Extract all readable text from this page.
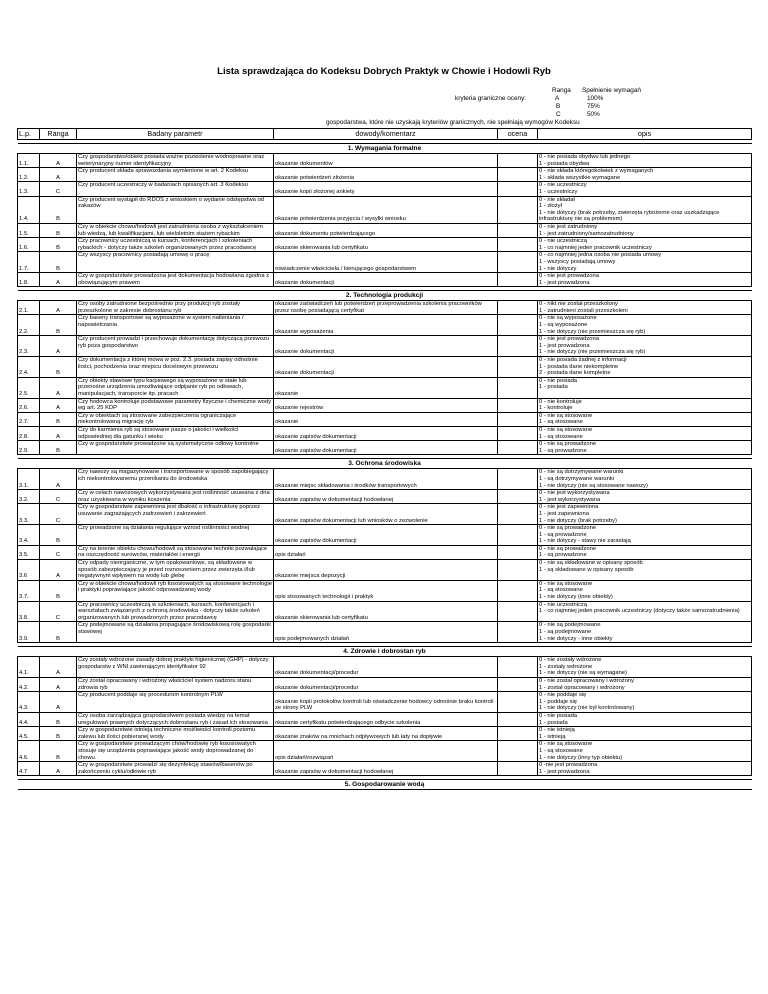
Lista sprawdzająca do Kodeksu Dobrych Praktyk w Chowie i Hodowli Ryb
Ranga Spełnienie wymagań
kryteria graniczne oceny:	A	100%
B	75%
C	50%
gospodarstwa, które nie uzyskają kryteriów granicznych, nie spełniają wymogów Kodeksu
L.p.	Ranga	Badany parametr	dowody/komentarz	ocena	opis

1. Wymagania formalne					
1.1.	A	Czy gospodarstwo/obiekt posiada ważne pozwolenie wodnoprawne oraz weterynaryjny numer identyfikacyjny	okazanie dokumentów		0 - nie posiada obydwu lub jednego
1 - posiada obydwa
1.2.	A	Czy producent składa sprawozdania wymienione w art. 2 Kodeksu	okazanie potwierdzeń złożenia		0 - nie składa któregokolwiek z wymaganych
1 - składa wszystkie wymagane
1.3.	C	Czy producent uczestniczy w badaniach opisanych art. 3 Kodeksu	okazanie kopii złożonej ankiety		0 - nie uczestniczy
1 - uczestniczy
1.4.	B	Czy producent wystąpił do RDOŚ z wnioskiem o wydanie odstępstwa od zakazów	okazanie potwierdzenia przyjęcia / wysyłki wniosku		0 - nie składał
1 - złożył
1 - nie dotyczy (brak potrzeby, zwierzęta rybożerne oraz uszkadzające infrastrukturę nie są problemem)
1.5.	B	Czy w obiekcie chowu/hodowli jest zatrudniona osoba z wykształceniem lub wiedzą, lub kwalifikacjami, lub wieloletnim stażem rybackim	okazanie dokumentu potwierdzającego		0 - nie jest zatrudniony
1 - jest zatrudniony/samozatrudniony
1.6.	B	Czy pracownicy uczestniczą w kursach, konferencjach i szkoleniach rybackich - dotyczy także szkoleń organizowanych przez pracodawcę	okazanie skierowania lub certyfikatu		0 - nie uczestniczą
1 - co najmniej jeden pracownik uczestniczy
1.7.	B	Czy wszyscy pracownicy posiadają umowę o pracę	oświadczenie właściciela / kierującego gospodarstwem		0 - co najmniej jedna osoba nie posiada umowy
1 - wszyscy posiadają umowy
1 - nie dotyczy
1.8.	A	Czy w gospodarstwie prowadzona jest dokumentacja hodowlana zgodna z obowiązującym prawem	okazanie dokumentacji		0 - nie jest prowadzona
1 - jest prowadzona

2. Technologia produkcji					
2.1.	A	Czy osoby zatrudnione bezpośrednio przy produkcji ryb zostały przeszkolone w zakresie dobrostanu ryb	okazanie zaświadczeń lub potwierdzeń przeprowadzenia szkolenia pracowników przez osobę posiadającą certyfikat		0 - nikt nie został przeszkolony
1 - zatrudnieni zostali przeszkoleni
2.2.	B	Czy baseny transportowe są wyposażone w system natleniania / napowietrzania	okazanie wyposażenia		0 - nie są wyposażone
1 - są wyposażone
1 - nie dotyczy (nie przemieszcza się ryb)
2.3.	A	Czy producent prowadzi i przechowuje dokumentację dotyczącą przewozu ryb poza gospodarstwo	okazanie dokumentacji		0 - nie jest prowadzona
1 - jest prowadzona
1 - nie dotyczy (nie przemieszcza się ryb)
2.4.	B	Czy dokumentacja z której mowa w poz. 2.3. posiada zapisy odnośnie ilości, pochodzenia oraz miejscu docelowym przewozu	okazanie dokumentacji		0 - nie posiada żadnej z informacji
1 - posiada dane niekompletne
2 - posiada dane kompletne
2.5.	A	Czy obiekty stawowe typu karpiowego są wyposażone w stałe lub przenośne urządzenia umożliwiające odpijanie ryb po odłowach, manipulacjach, transporcie itp. pracach	okazanie		0 - nie posiada
1 - posiada
2.6.	A	Czy hodowca kontroluje podstawowe parametry fizyczne i chemiczne wody wg art. 25 KDP	okazanie rejestrów		0 - nie kontroluje
1 - kontroluje
2.7.	B	Czy w obiektach są stosowane zabezpieczenia ograniczające niekontrolowaną migrację ryb	okazanie		0 - nie są stosowane
1 - są stosowane
2.8.	A	Czy do karmienia ryb są stosowane pasze o jakości i wielkości odpowiedniej dla gatunku i wieku	okazanie zapisów dokumentacji		0 - nie są stosowane
1 - są stosowane
2.9.	B	Czy w gospodarstwie prowadzone są systematyczne odłowy kontrolne	okazanie zapisów dokumentacji		0 - nie są prowadzone
1 - są prowadzone

3. Ochrona środowiska					
3.1.	A	Czy nawozy są magazynowane i transportowane w sposób zapobiegający ich niekontrolowanemu przenikaniu do środowiska	okazanie miejsc składowania i środków transportowych		0 - nie są dotrzymywane warunki
1 - są dotrzymywane warunki
1 - nie dotyczy (nie są stosowane nawozy)
3.2.	C	Czy w celach nawozowych wykorzystywana jest roślinność usuwana z dna oraz uzyskiwana w wyniku koszenia	okazanie zapisów w dokumentacji hodowlanej		0 - nie jest wykorzystywana
1 - jest wykorzystywana
3.3.	C	Czy w gospodarstwie zapewniona jest dbałość o infrastrukturę poprzez usuwanie zagrażających zadrzewień i zakrzewień	okazanie zapisów dokumentacji lub wniosków o zezwolenie		0 - nie jest zapewniona
1 - jest zapewniona
1 - nie dotyczy (brak potrzeby)
3.4.	B	Czy prowadzone są działania regulujące wzrost roślinności wodnej	okazanie zapisów dokumentacji		0 - nie są prowadzone
1 - są prowadzone
1 - nie dotyczy - stawy nie zarastają
3.5.	C	Czy na terenie obiektu chowu/hodowli są stosowane techniki pozwalające na oszczędność surowców, materiałów i energii	opis działań		0 - nie są prowadzone
1 - są prowadzone
3.6	A	Czy odpady nieorganiczne, w tym opakowaniowe, są składowane w sposób zabezpieczający je przed roznoszeniem przez zwierzęta i/lub negatywnym wpływem na wodę lub glebę	okazanie miejsca depozycji		0 - nie są składowane w opisany sposób
1 - są składowane w opisany sposób
3.7.	B	Czy w obiekcie chowu/hodowli ryb łososiowatych są stosowane technologie i praktyki poprawiające jakość odprowadzanej wody	opis stosowanych technologii i praktyk		0 - nie są stosowane
1 - są stosowane
1 - nie dotyczy (inne obiekty)
3.8.	C	Czy pracownicy uczestniczą w szkoleniach, kursach, konferencjach i warsztatach związanych z ochroną środowiska - dotyczy także szkoleń organizowanych lub prowadzonych przez pracodawcę	okazanie skierowania lub certyfikatu		0 - nie uczestniczą
1 - co najmniej jeden pracownik uczestniczy (dotyczy także samozatrudnienia)
3.9.	B	Czy podejmowane są działania propagujące środowiskową rolę gospodarki stawowej	opis podejmowanych działań		0 - nie są podejmowane
1 - są podejmowane
1 - nie dotyczy - inne obiekty

4. Zdrowie i dobrostan ryb					
4.1.	A	Czy zostały wdrożone zasady dobrej praktyki higienicznej (GHP) - dotyczy gospodarstw z WNI zawierającym identyfikator 92	okazanie dokumentacji/procedur		0 - nie zostały wdrożone
1 - zostały wdrożone
1 - nie dotyczy (nie są wymagane)
4.2.	A	Czy został opracowany i wdrożony właściciel system nadzoru stanu zdrowia ryb	okazanie dokumentacji/procedur		0 - nie został opracowany i wdrożony
1 - został opracowany i wdrożony
4.3.	A	Czy producent poddaje się procedurom kontrolnym PLW	okazanie kopii protokołów kontroli lub oświadczenie hodowcy odnośnie braku kontroli ze strony PLW		0 - nie poddaje się
1 - poddaje się
1 - nie dotyczy (nie był kontrolowany)
4.4.	B	Czy osoba zarządzająca gospodarstwem posiada wiedzę na temat uregulowań prawnych dotyczących dobrostanu ryb i zasad ich stosowania	okazanie certyfikatu potwierdzającego odbycie szkolenia		0 - nie posiada
1 - posiada
4.5.	B	Czy w gospodarstwie istnieją techniczne możliwości kontroli poziomu zalewu lub ilości pobieranej wody	okazanie znaków na mnichach odpływowych lub łaty na dopływie		0 - nie istnieją
1 - istnieją
4.6.	B	Czy w gospodarstwie prowadzącym chów/hodowlę ryb łososiowatych stosuje się urządzenia poprawiające jakość wody doprowadzanej do chowu.	opis działań/rozwiązań		0 - nie są stosowane
1 - są stosowane
1 - nie dotyczy (inny typ obiektu)
4.7	A	Czy w gospodarstwie prowadzi się dezynfekcję stawów/basenów po zakończeniu cyklu/odłowie ryb	okazanie zapisów w dokumentacji hodowlanej		0 -nie jest prowadzona
1 - jest prowadzona

5. Gospodarowanie wodą					
